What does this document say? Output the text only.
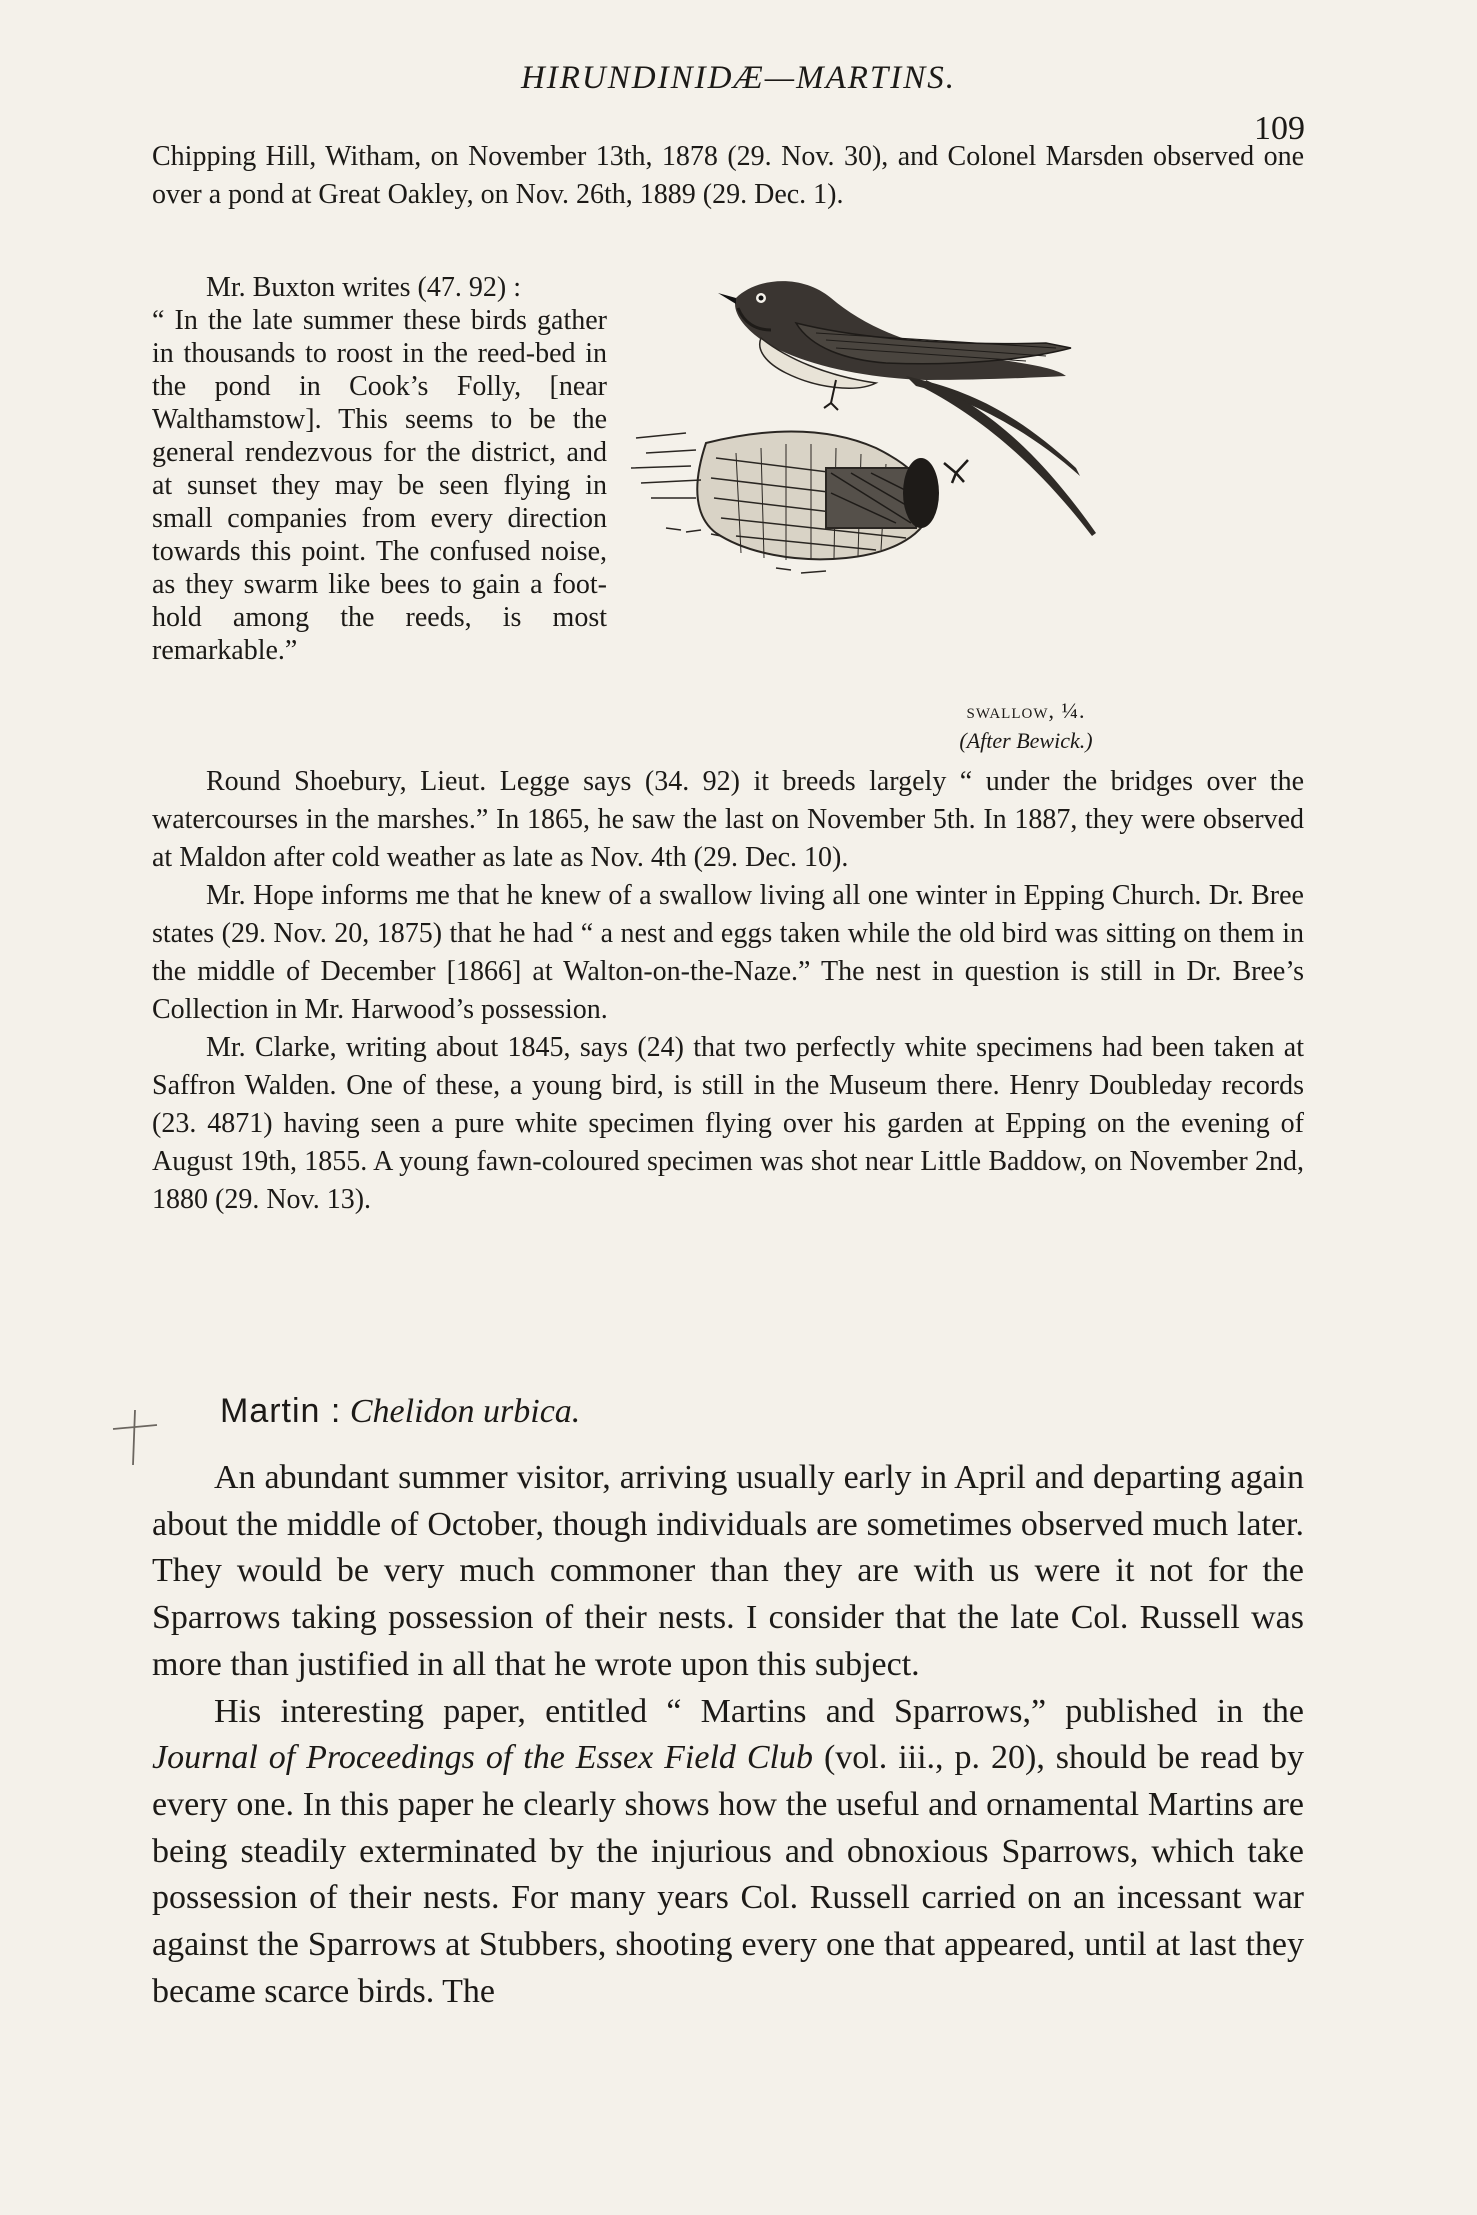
HIRUNDINIDÆ—MARTINS.
109

Chipping Hill, Witham, on November 13th, 1878 (29. Nov. 30), and Colonel Marsden observed one over a pond at Great Oakley, on Nov. 26th, 1889 (29. Dec. 1).

Mr. Buxton writes (47. 92) :

“ In the late summer these birds gather in thousands to roost in the reed-bed in the pond in Cook’s Folly, [near Walthamstow]. This seems to be the general rendezvous for the district, and at sunset they may be seen flying in small companies from every direction towards this point. The confused noise, as they swarm like bees to gain a foot-hold among the reeds, is most remarkable.”

swallow, ¼.
(After Bewick.)

Round Shoebury, Lieut. Legge says (34. 92) it breeds largely “ under the bridges over the watercourses in the marshes.” In 1865, he saw the last on November 5th. In 1887, they were observed at Maldon after cold weather as late as Nov. 4th (29. Dec. 10).

Mr. Hope informs me that he knew of a swallow living all one winter in Epping Church. Dr. Bree states (29. Nov. 20, 1875) that he had “ a nest and eggs taken while the old bird was sitting on them in the middle of December [1866] at Walton-on-the-Naze.” The nest in question is still in Dr. Bree’s Collection in Mr. Harwood’s possession.

Mr. Clarke, writing about 1845, says (24) that two perfectly white specimens had been taken at Saffron Walden. One of these, a young bird, is still in the Museum there. Henry Doubleday records (23. 4871) having seen a pure white specimen flying over his garden at Epping on the evening of August 19th, 1855. A young fawn-coloured specimen was shot near Little Baddow, on November 2nd, 1880 (29. Nov. 13).

Martin : Chelidon urbica.

An abundant summer visitor, arriving usually early in April and departing again about the middle of October, though individuals are sometimes observed much later. They would be very much commoner than they are with us were it not for the Sparrows taking possession of their nests. I consider that the late Col. Russell was more than justified in all that he wrote upon this subject.

His interesting paper, entitled “ Martins and Sparrows,” published in the Journal of Proceedings of the Essex Field Club (vol. iii., p. 20), should be read by every one. In this paper he clearly shows how the useful and ornamental Martins are being steadily exterminated by the injurious and obnoxious Sparrows, which take possession of their nests. For many years Col. Russell carried on an incessant war against the Sparrows at Stubbers, shooting every one that appeared, until at last they became scarce birds. The
